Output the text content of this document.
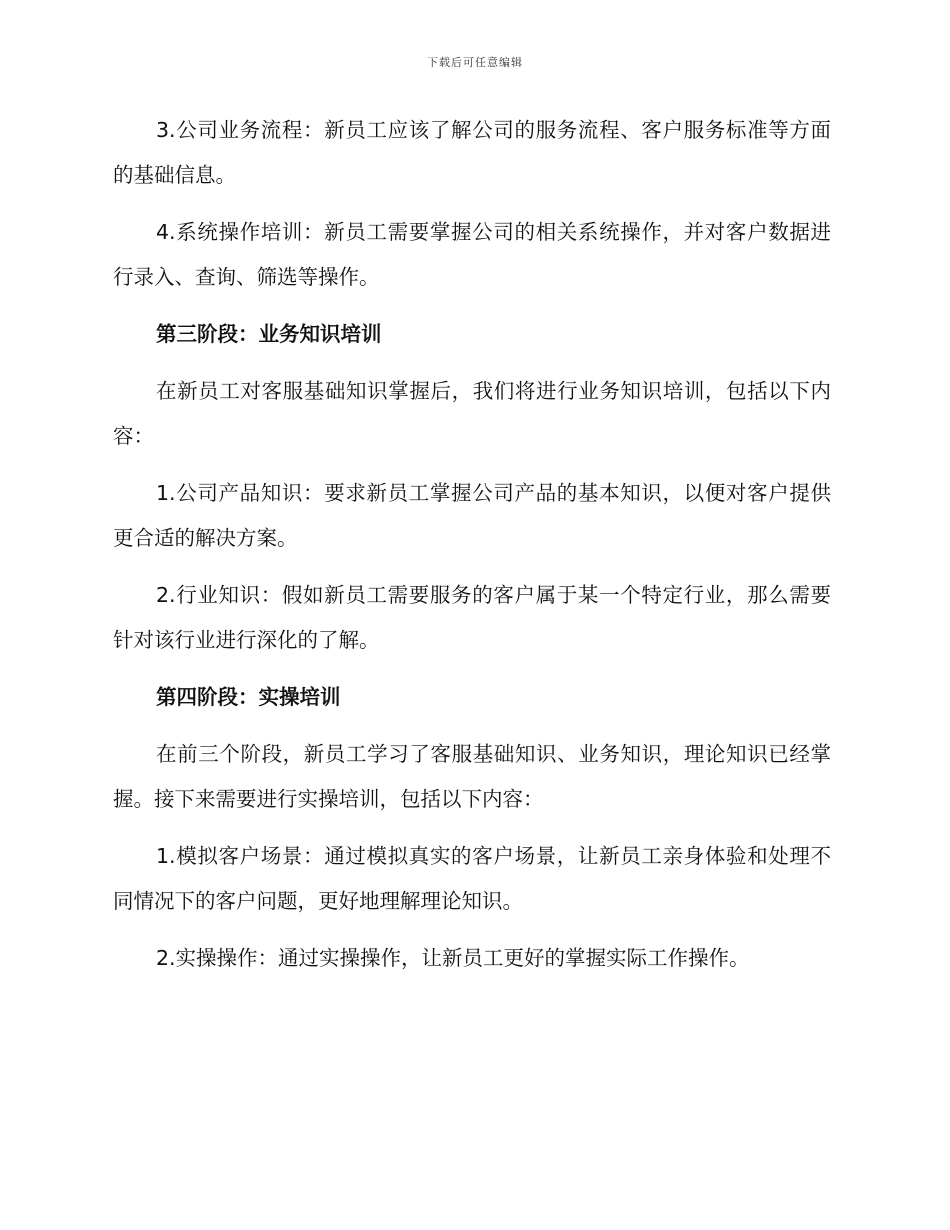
下载后可任意编辑

3.公司业务流程：新员工应该了解公司的服务流程、客户服务标准等方面的基础信息。

4.系统操作培训：新员工需要掌握公司的相关系统操作，并对客户数据进行录入、查询、筛选等操作。

第三阶段：业务知识培训

在新员工对客服基础知识掌握后，我们将进行业务知识培训，包括以下内容：

1.公司产品知识：要求新员工掌握公司产品的基本知识，以便对客户提供更合适的解决方案。

2.行业知识：假如新员工需要服务的客户属于某一个特定行业，那么需要针对该行业进行深化的了解。

第四阶段：实操培训

在前三个阶段，新员工学习了客服基础知识、业务知识，理论知识已经掌握。接下来需要进行实操培训，包括以下内容：

1.模拟客户场景：通过模拟真实的客户场景，让新员工亲身体验和处理不同情况下的客户问题，更好地理解理论知识。

2.实操操作：通过实操操作，让新员工更好的掌握实际工作操作。
